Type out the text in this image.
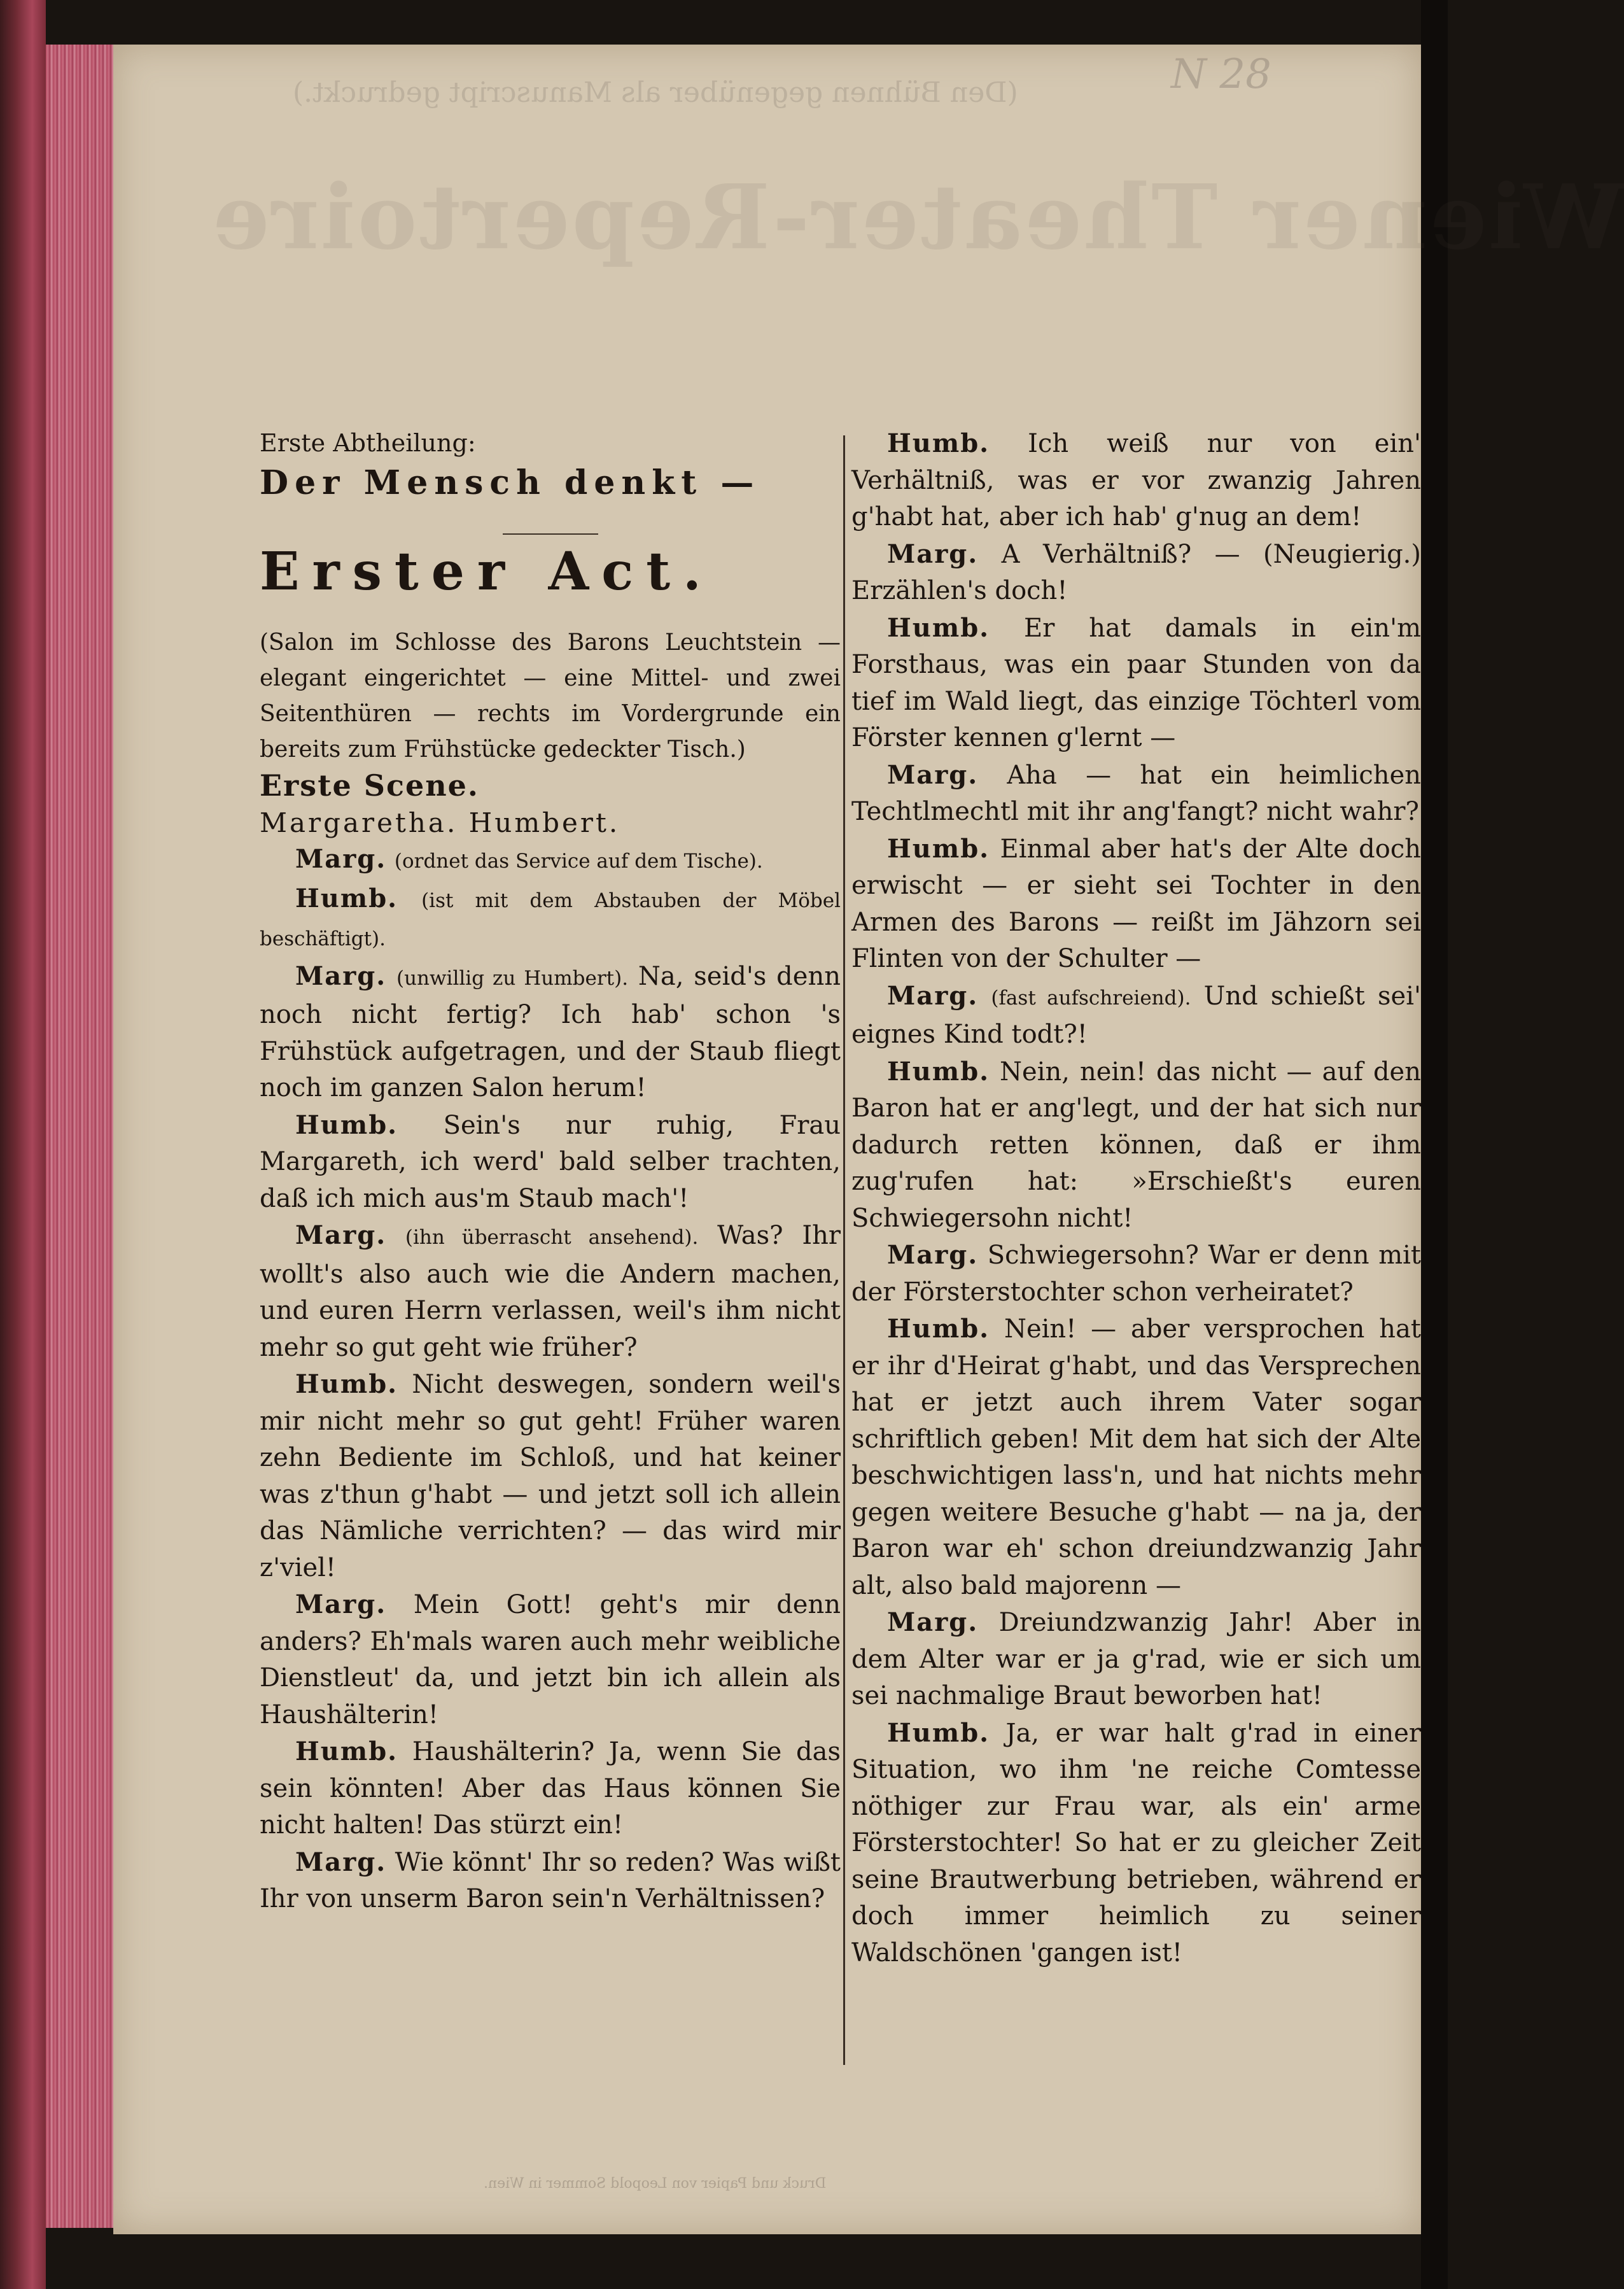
(Den Bühnen gegenüber als Manuscript gedruckt.)
Wiener Theater-Repertoire
N 28

Erste Abtheilung:

Der Mensch denkt —

Erster Act.

(Salon im Schlosse des Barons Leuchtstein — elegant eingerichtet — eine Mittel- und zwei Seitenthüren — rechts im Vordergrunde ein bereits zum Frühstücke gedeckter Tisch.)

Erste Scene.

Margaretha. Humbert.

Marg. (ordnet das Service auf dem Tische).

Humb. (ist mit dem Abstauben der Möbel beschäftigt).

Marg. (unwillig zu Humbert). Na, seid's denn noch nicht fertig? Ich hab' schon 's Frühstück aufgetragen, und der Staub fliegt noch im ganzen Salon herum!

Humb. Sein's nur ruhig, Frau Margareth, ich werd' bald selber trachten, daß ich mich aus'm Staub mach'!

Marg. (ihn überrascht ansehend). Was? Ihr wollt's also auch wie die Andern machen, und euren Herrn verlassen, weil's ihm nicht mehr so gut geht wie früher?

Humb. Nicht deswegen, sondern weil's mir nicht mehr so gut geht! Früher waren zehn Bediente im Schloß, und hat keiner was z'thun g'habt — und jetzt soll ich allein das Nämliche verrichten? — das wird mir z'viel!

Marg. Mein Gott! geht's mir denn anders? Eh'mals waren auch mehr weibliche Dienstleut' da, und jetzt bin ich allein als Haushälterin!

Humb. Haushälterin? Ja, wenn Sie das sein könnten! Aber das Haus können Sie nicht halten! Das stürzt ein!

Marg. Wie könnt' Ihr so reden? Was wißt Ihr von unserm Baron sein'n Verhältnissen?

Humb. Ich weiß nur von ein' Verhältniß, was er vor zwanzig Jahren g'habt hat, aber ich hab' g'nug an dem!

Marg. A Verhältniß? — (Neugierig.) Erzählen's doch!

Humb. Er hat damals in ein'm Forsthaus, was ein paar Stunden von da tief im Wald liegt, das einzige Töchterl vom Förster kennen g'lernt —

Marg. Aha — hat ein heimlichen Techtlmechtl mit ihr ang'fangt? nicht wahr?

Humb. Einmal aber hat's der Alte doch erwischt — er sieht sei Tochter in den Armen des Barons — reißt im Jähzorn sei Flinten von der Schulter —

Marg. (fast aufschreiend). Und schießt sei' eignes Kind todt?!

Humb. Nein, nein! das nicht — auf den Baron hat er ang'legt, und der hat sich nur dadurch retten können, daß er ihm zug'rufen hat: »Erschießt's euren Schwiegersohn nicht!

Marg. Schwiegersohn? War er denn mit der Försterstochter schon verheiratet?

Humb. Nein! — aber versprochen hat er ihr d'Heirat g'habt, und das Versprechen hat er jetzt auch ihrem Vater sogar schriftlich geben! Mit dem hat sich der Alte beschwichtigen lass'n, und hat nichts mehr gegen weitere Besuche g'habt — na ja, der Baron war eh' schon dreiundzwanzig Jahr alt, also bald majorenn —

Marg. Dreiundzwanzig Jahr! Aber in dem Alter war er ja g'rad, wie er sich um sei nachmalige Braut beworben hat!

Humb. Ja, er war halt g'rad in einer Situation, wo ihm 'ne reiche Comtesse nöthiger zur Frau war, als ein' arme Försterstochter! So hat er zu gleicher Zeit seine Brautwerbung betrieben, während er doch immer heimlich zu seiner Waldschönen 'gangen ist!

Druck und Papier von Leopold Sommer in Wien.
